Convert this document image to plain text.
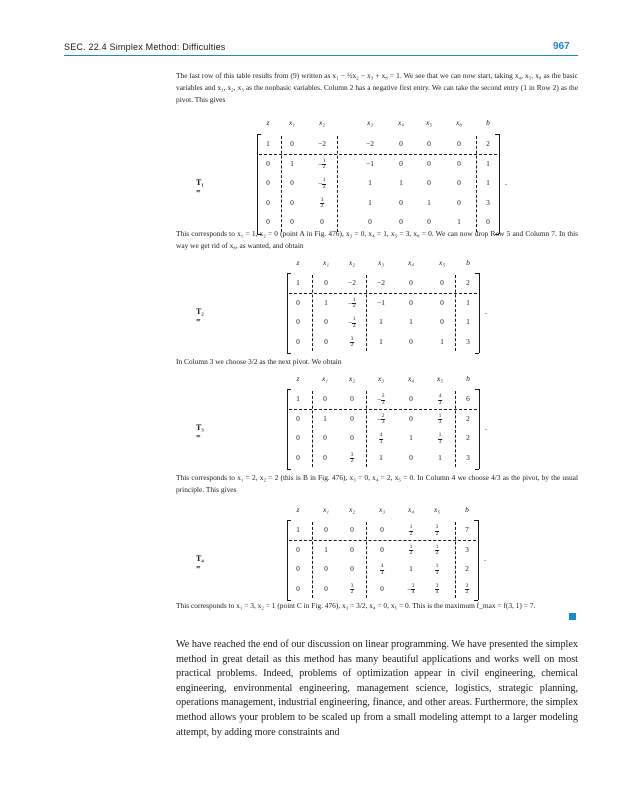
SEC. 22.4 Simplex Method: Difficulties	967
The last row of this table results from (9) written as x₁ − ½x₂ − x₃ + x₈ = 1. We see that we can now start, taking x₄, x₅, x₈ as the basic variables and x₁, x₂, x₃ as the nonbasic variables. Column 2 has a negative first entry. We can take the second entry (1 in Row 2) as the pivot. This gives
z	x₁	x₂	x₃	x₄	x₅	x₈	b
1	0	−2	−2	0	0	0	2
0	1	− $\frac{1}{2}$	−1	0	0	0	1
0	0	− $\frac{1}{2}$	1	1	0	0	1
0	0	$\frac{3}{2}$	1	0	1	0	3
0	0	0	0	0	0	1	0
T₁ =
.
This corresponds to x₁ = 1, x₂ = 0 (point A in Fig. 476), x₃ = 0, x₄ = 1, x₅ = 3, x₈ = 0. We can now drop Row 5 and Column 7. In this way we get rid of x₈, as wanted, and obtain
z	x₁	x₂	x₃	x₄	x₅	b
1	0	−2	−2	0	0	2
0	1	− $\frac{1}{2}$	−1	0	0	1
0	0	− $\frac{1}{2}$	1	1	0	1
0	0	$\frac{3}{2}$	1	0	1	3
T₂ =
.
In Column 3 we choose 3/2 as the next pivot. We obtain
z	x₁	x₂	x₃	x₄	x₅	b
1	0	0	− $\frac{2}{3}$	0	$\frac{4}{3}$	6
0	1	0	− $\frac{2}{3}$	0	$\frac{1}{3}$	2
0	0	0	$\frac{4}{3}$	1	$\frac{1}{3}$	2
0	0	$\frac{3}{2}$	1	0	1	3
T₃ =
.
This corresponds to x₁ = 2, x₂ = 2 (this is B in Fig. 476), x₃ = 0, x₄ = 2, x₅ = 0. In Column 4 we choose 4/3 as the pivot, by the usual principle. This gives
z	x₁	x₂	x₃	x₄	x₅	b
1	0	0	0	$\frac{1}{2}$	$\frac{3}{2}$	7
0	1	0	0	$\frac{1}{2}$	$\frac{1}{2}$	3
0	0	0	$\frac{4}{3}$	1	$\frac{1}{3}$	2
0	0	$\frac{3}{2}$	0	− $\frac{3}{4}$	$\frac{3}{4}$	$\frac{3}{2}$
T₄ =
.
This corresponds to x₁ = 3, x₂ = 1 (point C in Fig. 476), x₃ = 3/2, x₄ = 0, x₅ = 0. This is the maximum f_max = f(3, 1) = 7.
We have reached the end of our discussion on linear programming. We have presented the simplex method in great detail as this method has many beautiful applications and works well on most practical problems. Indeed, problems of optimization appear in civil engineering, chemical engineering, environmental engineering, management science, logistics, strategic planning, operations management, industrial engineering, finance, and other areas. Furthermore, the simplex method allows your problem to be scaled up from a small modeling attempt to a larger modeling attempt, by adding more constraints and
